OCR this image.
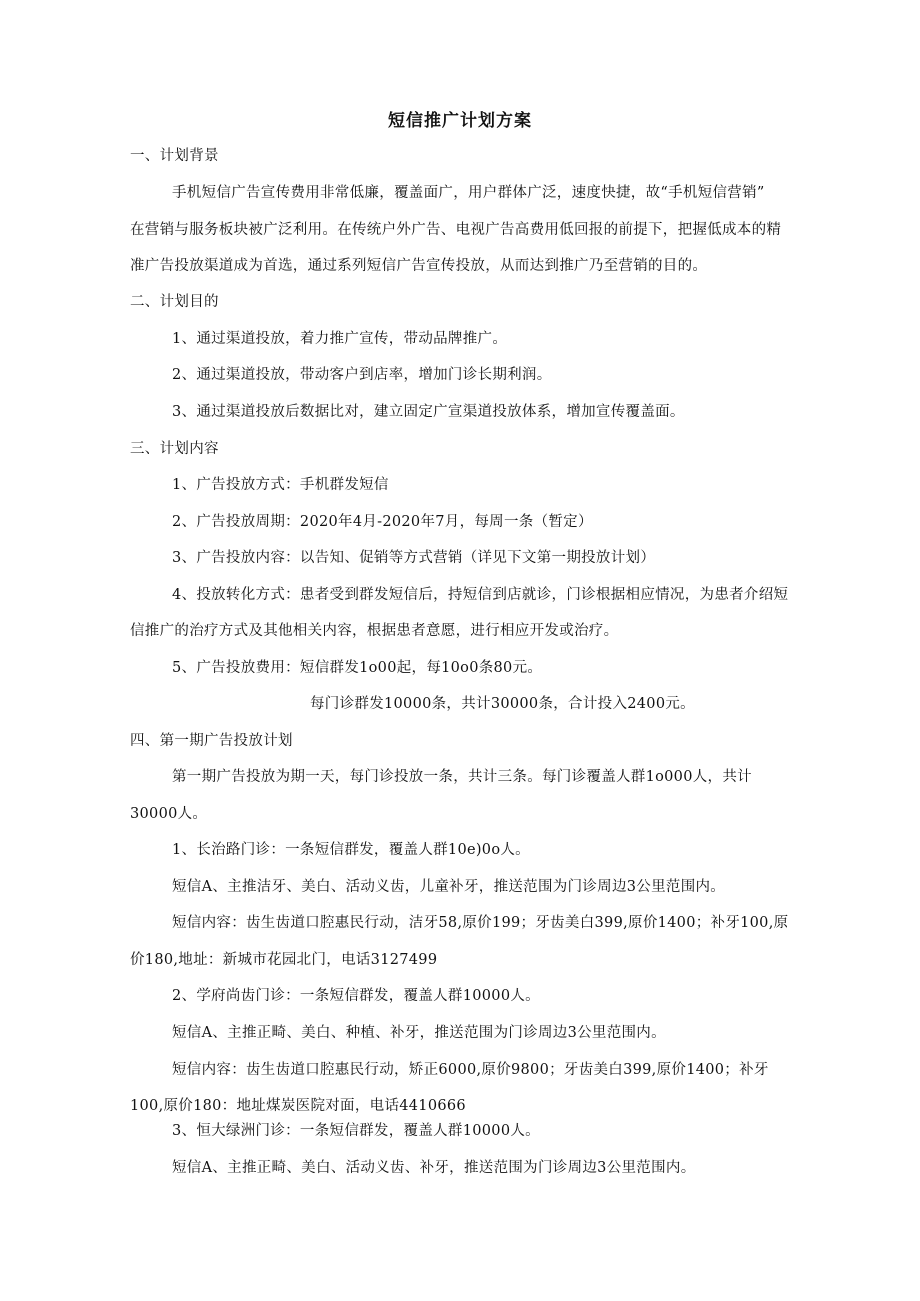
短信推广计划方案
一、计划背景
手机短信广告宣传费用非常低廉，覆盖面广，用户群体广泛，速度快捷，故“手机短信营销”
在营销与服务板块被广泛利用。在传统户外广告、电视广告高费用低回报的前提下，把握低成本的精
准广告投放渠道成为首选，通过系列短信广告宣传投放，从而达到推广乃至营销的目的。
二、计划目的
1、通过渠道投放，着力推广宣传，带动品牌推广。
2、通过渠道投放，带动客户到店率，增加门诊长期利润。
3、通过渠道投放后数据比对，建立固定广宣渠道投放体系，增加宣传覆盖面。
三、计划内容
1、广告投放方式：手机群发短信
2、广告投放周期：2020年4月-2020年7月，每周一条（暂定）
3、广告投放内容：以告知、促销等方式营销（详见下文第一期投放计划）
4、投放转化方式：患者受到群发短信后，持短信到店就诊，门诊根据相应情况，为患者介绍短
信推广的治疗方式及其他相关内容，根据患者意愿，进行相应开发或治疗。
5、广告投放费用：短信群发1o00起，每10o0条80元。
每门诊群发10000条，共计30000条，合计投入2400元。
四、第一期广告投放计划
第一期广告投放为期一天，每门诊投放一条，共计三条。每门诊覆盖人群1o000人，共计
30000人。
1、长治路门诊：一条短信群发，覆盖人群10e)0o人。
短信A、主推洁牙、美白、活动义齿，儿童补牙，推送范围为门诊周边3公里范围内。
短信内容：齿生齿道口腔惠民行动，洁牙58,原价199；牙齿美白399,原价1400；补牙100,原
价180,地址：新城市花园北门，电话3127499
2、学府尚齿门诊：一条短信群发，覆盖人群10000人。
短信A、主推正畸、美白、种植、补牙，推送范围为门诊周边3公里范围内。
短信内容：齿生齿道口腔惠民行动，矫正6000,原价9800；牙齿美白399,原价1400；补牙
100,原价180：地址煤炭医院对面，电话4410666
3、恒大绿洲门诊：一条短信群发，覆盖人群10000人。
短信A、主推正畸、美白、活动义齿、补牙，推送范围为门诊周边3公里范围内。
